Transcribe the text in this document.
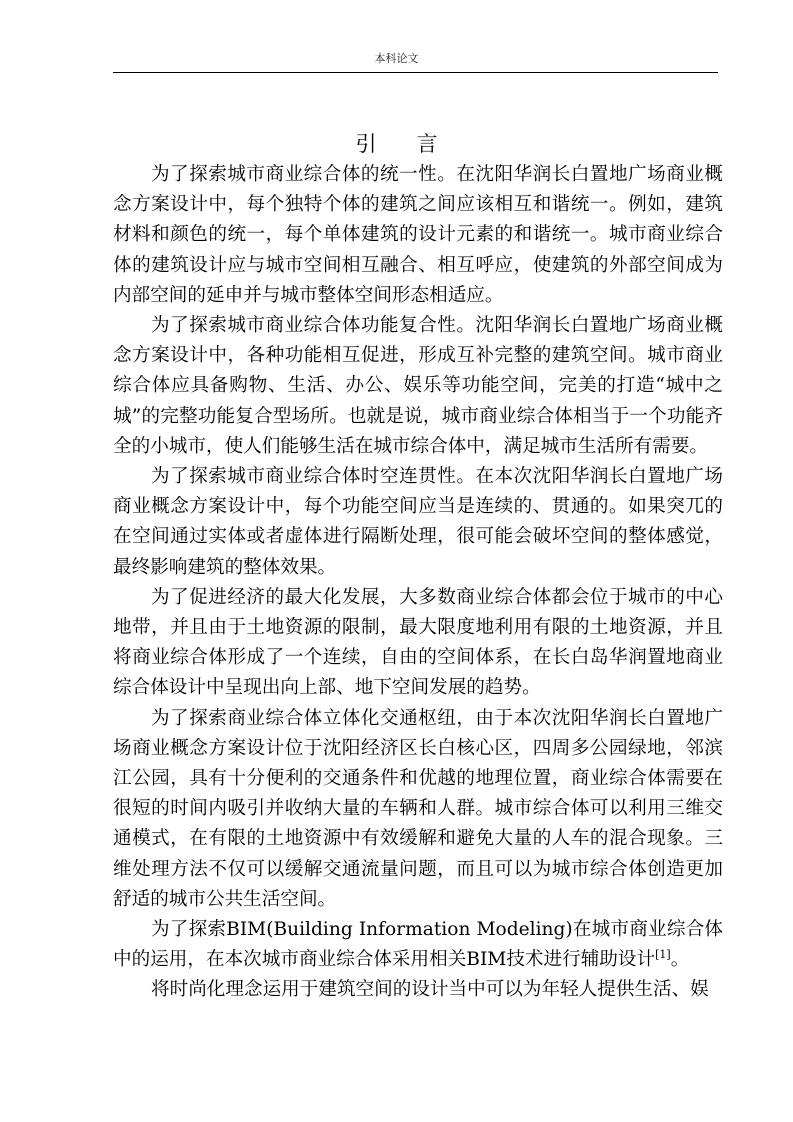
本科论文
引 言

为了探索城市商业综合体的统一性。在沈阳华润长白置地广场商业概念方案设计中，每个独特个体的建筑之间应该相互和谐统一。例如，建筑材料和颜色的统一，每个单体建筑的设计元素的和谐统一。城市商业综合体的建筑设计应与城市空间相互融合、相互呼应，使建筑的外部空间成为内部空间的延申并与城市整体空间形态相适应。

为了探索城市商业综合体功能复合性。沈阳华润长白置地广场商业概念方案设计中，各种功能相互促进，形成互补完整的建筑空间。城市商业综合体应具备购物、生活、办公、娱乐等功能空间，完美的打造“城中之城”的完整功能复合型场所。也就是说，城市商业综合体相当于一个功能齐全的小城市，使人们能够生活在城市综合体中，满足城市生活所有需要。

为了探索城市商业综合体时空连贯性。在本次沈阳华润长白置地广场商业概念方案设计中，每个功能空间应当是连续的、贯通的。如果突兀的在空间通过实体或者虚体进行隔断处理，很可能会破坏空间的整体感觉，最终影响建筑的整体效果。

为了促进经济的最大化发展，大多数商业综合体都会位于城市的中心地带，并且由于土地资源的限制，最大限度地利用有限的土地资源，并且将商业综合体形成了一个连续，自由的空间体系，在长白岛华润置地商业综合体设计中呈现出向上部、地下空间发展的趋势。

为了探索商业综合体立体化交通枢纽，由于本次沈阳华润长白置地广场商业概念方案设计位于沈阳经济区长白核心区，四周多公园绿地，邻滨江公园，具有十分便利的交通条件和优越的地理位置，商业综合体需要在很短的时间内吸引并收纳大量的车辆和人群。城市综合体可以利用三维交通模式，在有限的土地资源中有效缓解和避免大量的人车的混合现象。三维处理方法不仅可以缓解交通流量问题，而且可以为城市综合体创造更加舒适的城市公共生活空间。

为了探索BIM(Building Information Modeling)在城市商业综合体中的运用，在本次城市商业综合体采用相关BIM技术进行辅助设计[1]。

将时尚化理念运用于建筑空间的设计当中可以为年轻人提供生活、娱
